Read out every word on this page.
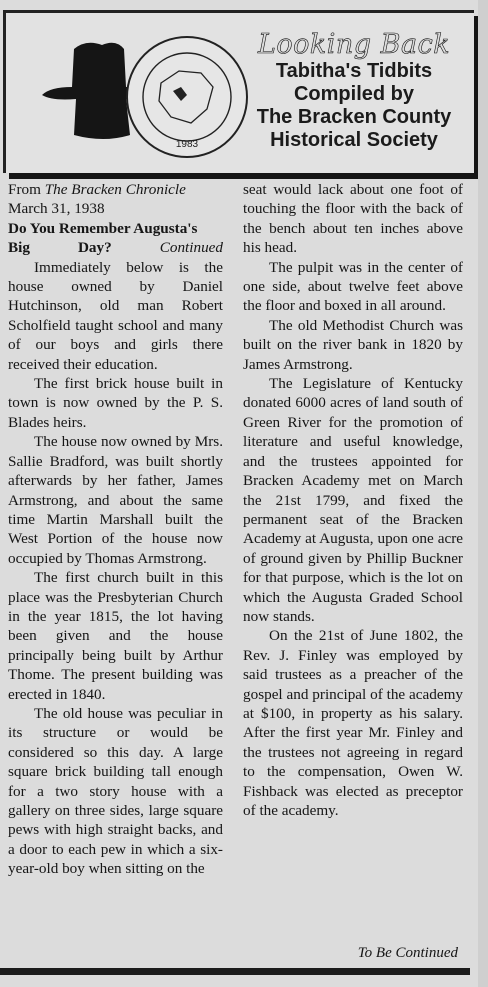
1983
Looking Back
Tabitha's Tidbits
Compiled by
The Bracken County
Historical Society

From The Bracken Chronicle

March 31, 1938

Do You Remember Augusta's

Big Day?	Continued

Immediately below is the house owned by Daniel Hutchinson, old man Robert Scholfield taught school and many of our boys and girls there received their education.

The first brick house built in town is now owned by the P. S. Blades heirs.

The house now owned by Mrs. Sallie Bradford, was built shortly afterwards by her father, James Armstrong, and about the same time Martin Marshall built the West Portion of the house now occupied by Thomas Armstrong.

The first church built in this place was the Presbyterian Church in the year 1815, the lot having been given and the house principally being built by Arthur Thome. The present building was erected in 1840.

The old house was peculiar in its structure or would be considered so this day. A large square brick building tall enough for a two story house with a gallery on three sides, large square pews with high straight backs, and a door to each pew in which a six-year-old boy when sitting on the

seat would lack about one foot of touching the floor with the back of the bench about ten inches above his head.

The pulpit was in the center of one side, about twelve feet above the floor and boxed in all around.

The old Methodist Church was built on the river bank in 1820 by James Armstrong.

The Legislature of Kentucky donated 6000 acres of land south of Green River for the promotion of literature and useful knowledge, and the trustees appointed for Bracken Academy met on March the 21st 1799, and fixed the permanent seat of the Bracken Academy at Augusta, upon one acre of ground given by Phillip Buckner for that purpose, which is the lot on which the Augusta Graded School now stands.

On the 21st of June 1802, the Rev. J. Finley was employed by said trustees as a preacher of the gospel and principal of the academy at $100, in property as his salary. After the first year Mr. Finley and the trustees not agreeing in regard to the compensation, Owen W. Fishback was elected as preceptor of the academy.

To Be Continued
